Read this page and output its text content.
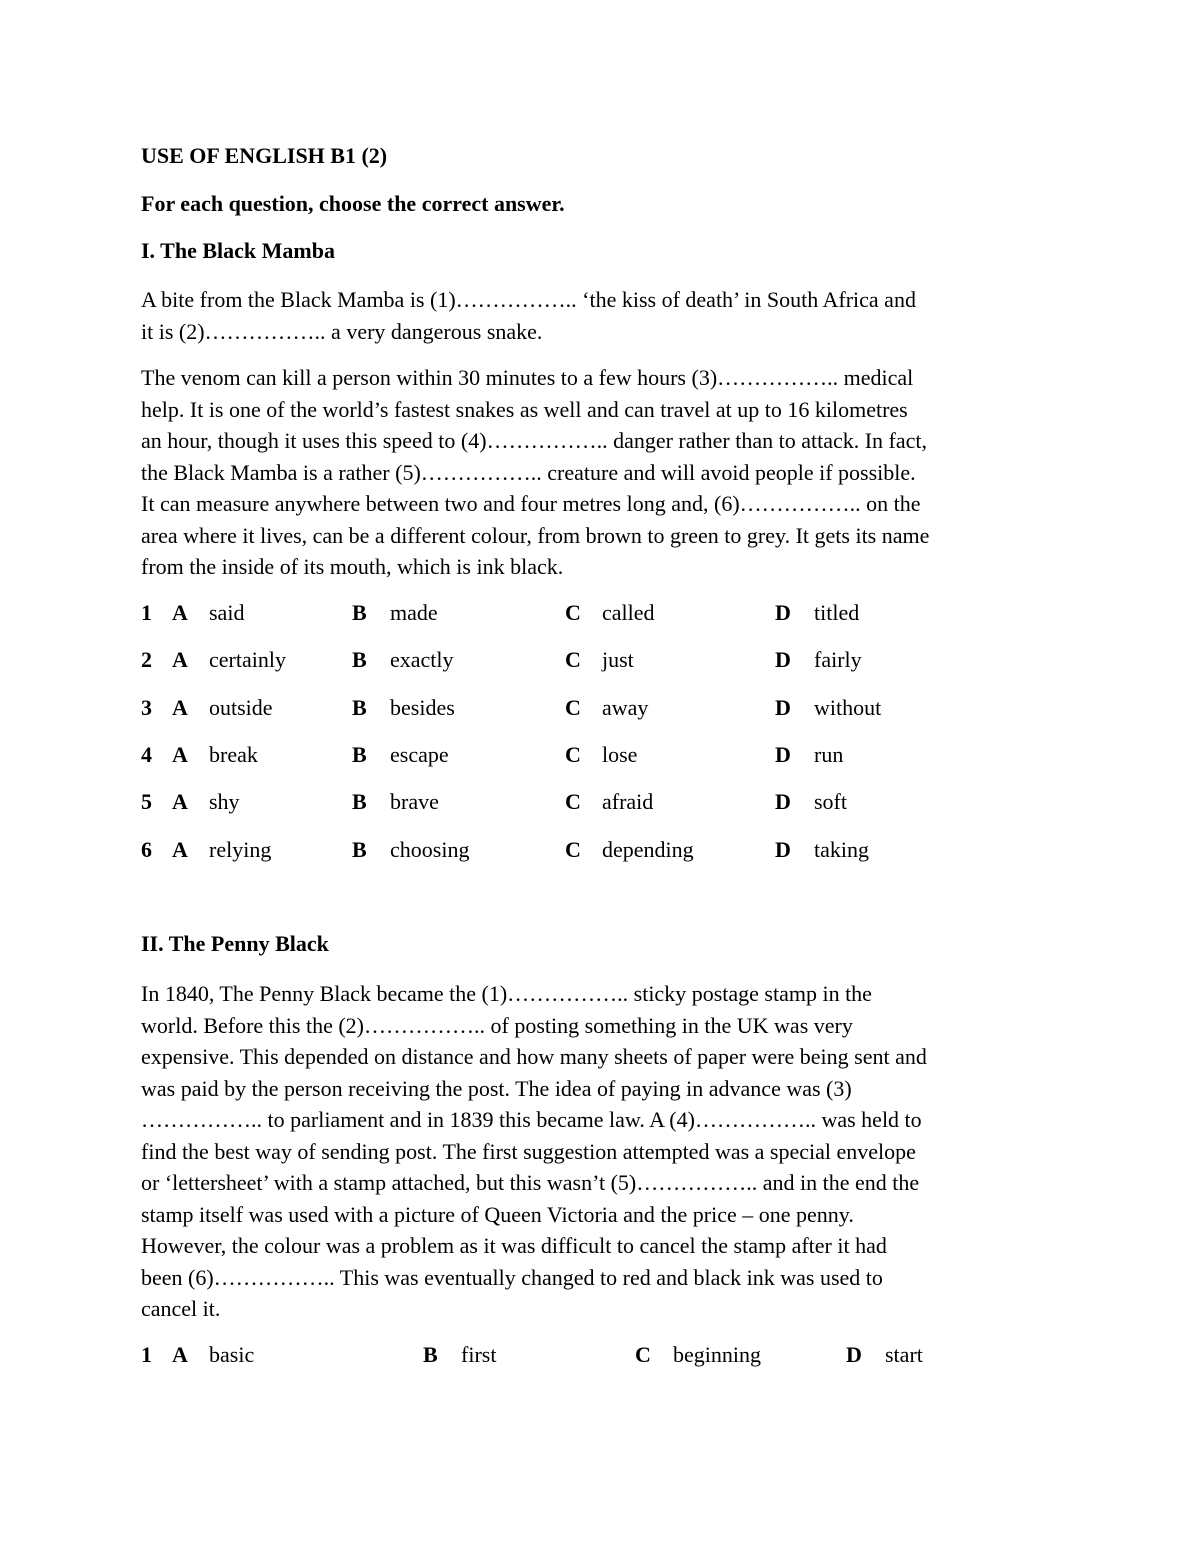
USE OF ENGLISH B1 (2)
For each question, choose the correct answer.
I. The Black Mamba
A bite from the Black Mamba is (1)…………….. ‘the kiss of death’ in South Africa and
it is (2)…………….. a very dangerous snake.
The venom can kill a person within 30 minutes to a few hours (3)…………….. medical
help. It is one of the world’s fastest snakes as well and can travel at up to 16 kilometres
an hour, though it uses this speed to (4)…………….. danger rather than to attack. In fact,
the Black Mamba is a rather (5)…………….. creature and will avoid people if possible.
It can measure anywhere between two and four metres long and, (6)…………….. on the
area where it lives, can be a different colour, from brown to green to grey. It gets its name
from the inside of its mouth, which is ink black.
1 A said	B made	C called	D titled
2 A certainly	B exactly	C just	D fairly
3 A outside	B besides	C away	D without
4 A break	B escape	C lose	D run
5 A shy	B brave	C afraid	D soft
6 A relying	B choosing	C depending	D taking
II. The Penny Black
In 1840, The Penny Black became the (1)…………….. sticky postage stamp in the
world. Before this the (2)…………….. of posting something in the UK was very
expensive. This depended on distance and how many sheets of paper were being sent and
was paid by the person receiving the post. The idea of paying in advance was (3)
…………….. to parliament and in 1839 this became law. A (4)…………….. was held to
find the best way of sending post. The first suggestion attempted was a special envelope
or ‘lettersheet’ with a stamp attached, but this wasn’t (5)…………….. and in the end the
stamp itself was used with a picture of Queen Victoria and the price – one penny.
However, the colour was a problem as it was difficult to cancel the stamp after it had
been (6)…………….. This was eventually changed to red and black ink was used to
cancel it.
1 A basic	B first	C beginning	D start
